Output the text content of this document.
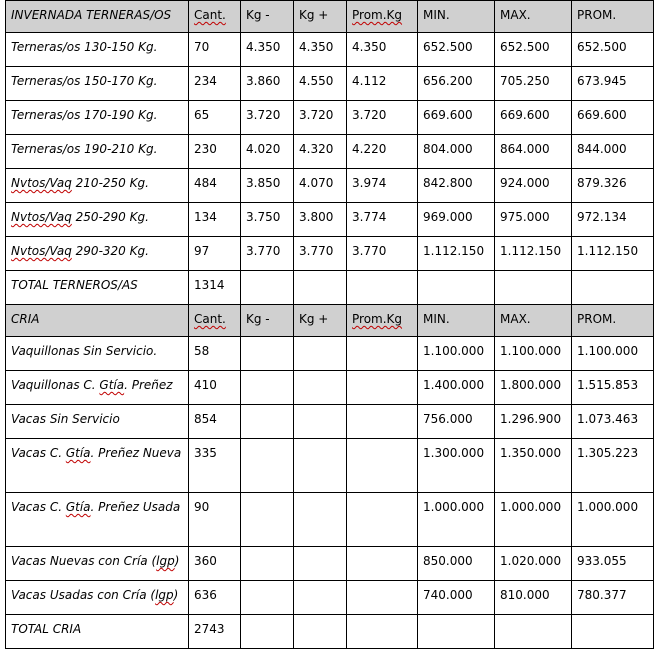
INVERNADA TERNERAS/OS	Cant.	Kg -	Kg +	Prom.Kg	MIN.	MAX.	PROM.
Terneras/os 130-150 Kg.	70	4.350	4.350	4.350	652.500	652.500	652.500
Terneras/os 150-170 Kg.	234	3.860	4.550	4.112	656.200	705.250	673.945
Terneras/os 170-190 Kg.	65	3.720	3.720	3.720	669.600	669.600	669.600
Terneras/os 190-210 Kg.	230	4.020	4.320	4.220	804.000	864.000	844.000
Nvtos/Vaq 210-250 Kg.	484	3.850	4.070	3.974	842.800	924.000	879.326
Nvtos/Vaq 250-290 Kg.	134	3.750	3.800	3.774	969.000	975.000	972.134
Nvtos/Vaq 290-320 Kg.	97	3.770	3.770	3.770	1.112.150	1.112.150	1.112.150
TOTAL TERNEROS/AS	1314						
CRIA	Cant.	Kg -	Kg +	Prom.Kg	MIN.	MAX.	PROM.
Vaquillonas Sin Servicio.	58				1.100.000	1.100.000	1.100.000
Vaquillonas C. Gtía. Preñez	410				1.400.000	1.800.000	1.515.853
Vacas Sin Servicio	854				756.000	1.296.900	1.073.463
Vacas C. Gtía. Preñez Nueva	335				1.300.000	1.350.000	1.305.223
Vacas C. Gtía. Preñez Usada	90				1.000.000	1.000.000	1.000.000
Vacas Nuevas con Cría (lgp)	360				850.000	1.020.000	933.055
Vacas Usadas con Cría (lgp)	636				740.000	810.000	780.377
TOTAL CRIA	2743						
